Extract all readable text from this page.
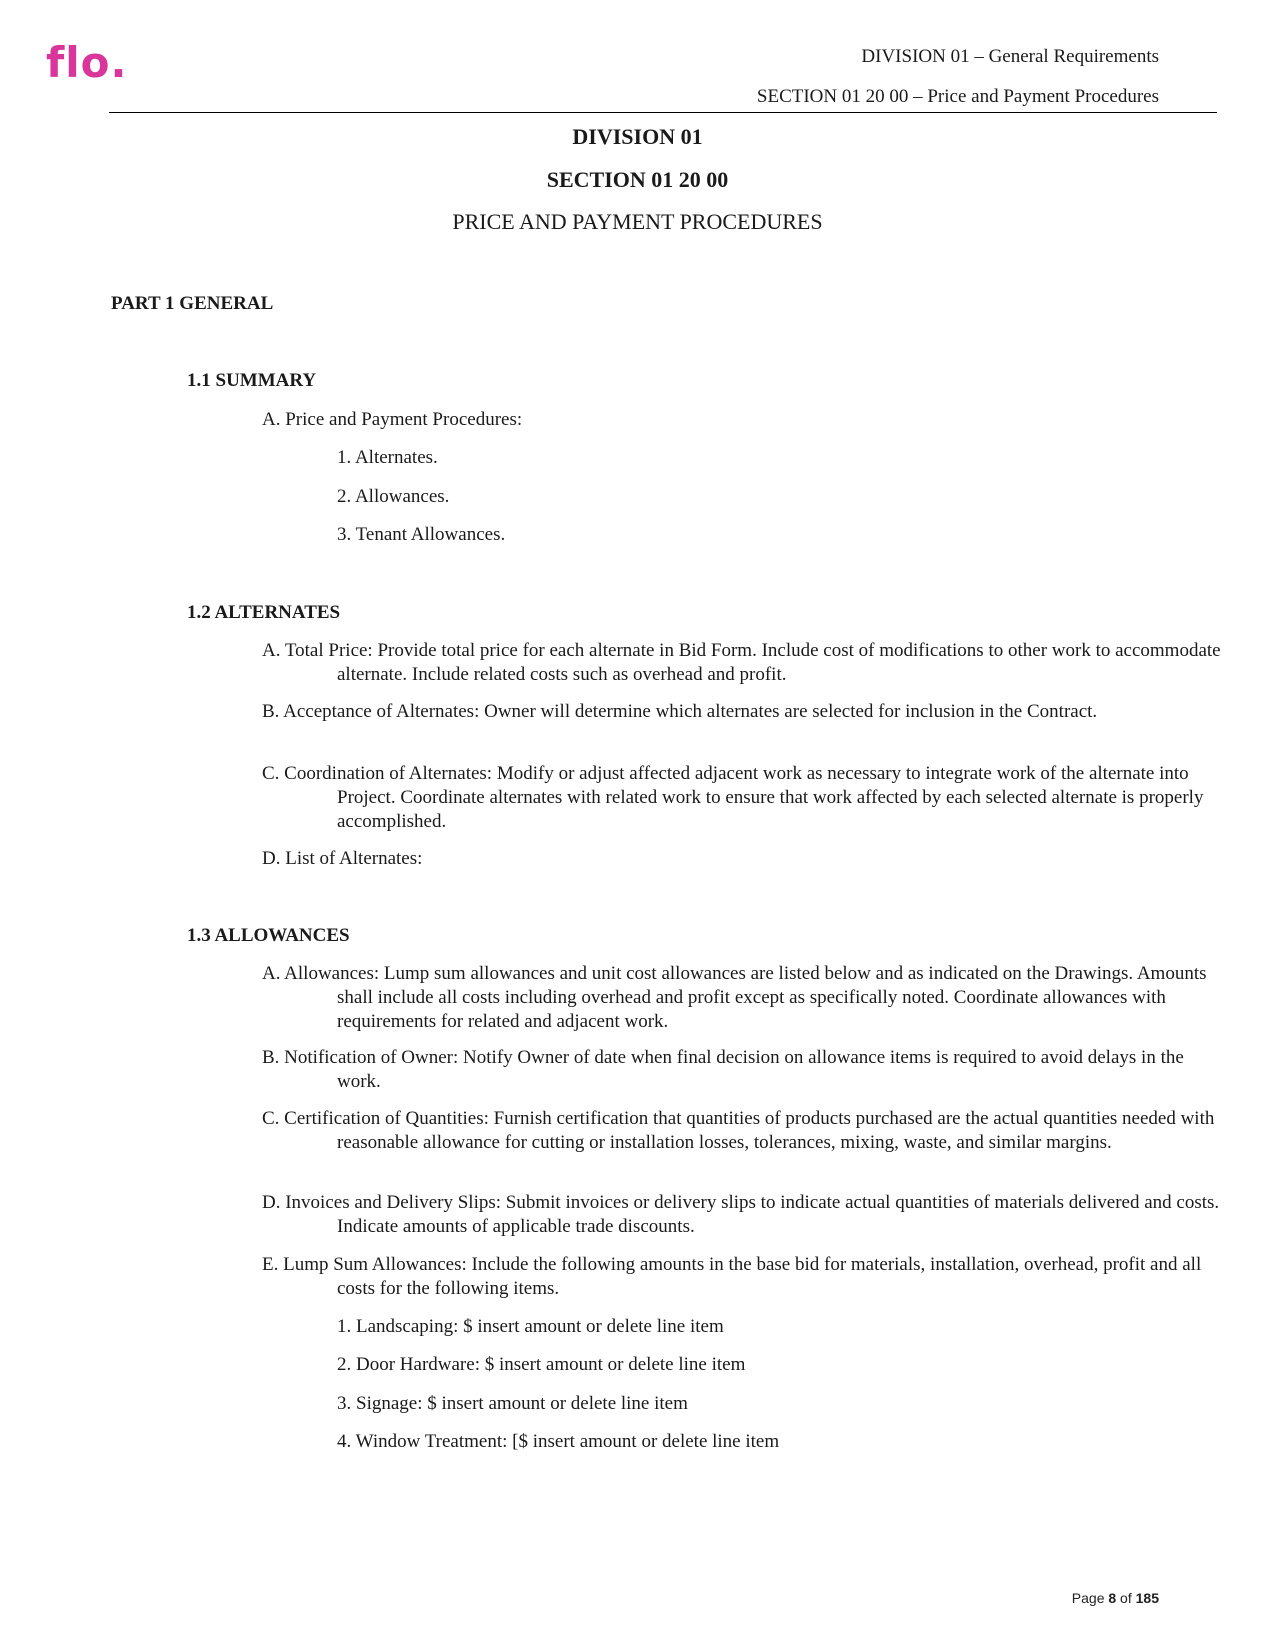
flo.	DIVISION 01 – General Requirements
SECTION 01 20 00 – Price and Payment Procedures
DIVISION 01
SECTION 01 20 00
PRICE AND PAYMENT PROCEDURES
PART 1 GENERAL
1.1 SUMMARY
A. Price and Payment Procedures:
1. Alternates.
2. Allowances.
3. Tenant Allowances.
1.2 ALTERNATES
A. Total Price: Provide total price for each alternate in Bid Form. Include cost of modifications to other work to accommodate alternate. Include related costs such as overhead and profit.
B. Acceptance of Alternates: Owner will determine which alternates are selected for inclusion in the Contract.
C. Coordination of Alternates: Modify or adjust affected adjacent work as necessary to integrate work of the alternate into Project. Coordinate alternates with related work to ensure that work affected by each selected alternate is properly accomplished.
D. List of Alternates:
1.3 ALLOWANCES
A. Allowances: Lump sum allowances and unit cost allowances are listed below and as indicated on the Drawings. Amounts shall include all costs including overhead and profit except as specifically noted. Coordinate allowances with requirements for related and adjacent work.
B. Notification of Owner: Notify Owner of date when final decision on allowance items is required to avoid delays in the work.
C. Certification of Quantities: Furnish certification that quantities of products purchased are the actual quantities needed with reasonable allowance for cutting or installation losses, tolerances, mixing, waste, and similar margins.
D. Invoices and Delivery Slips: Submit invoices or delivery slips to indicate actual quantities of materials delivered and costs. Indicate amounts of applicable trade discounts.
E. Lump Sum Allowances: Include the following amounts in the base bid for materials, installation, overhead, profit and all costs for the following items.
1. Landscaping: $ insert amount or delete line item
2. Door Hardware: $ insert amount or delete line item
3. Signage: $ insert amount or delete line item
4. Window Treatment: [$ insert amount or delete line item
Page 8 of 185
